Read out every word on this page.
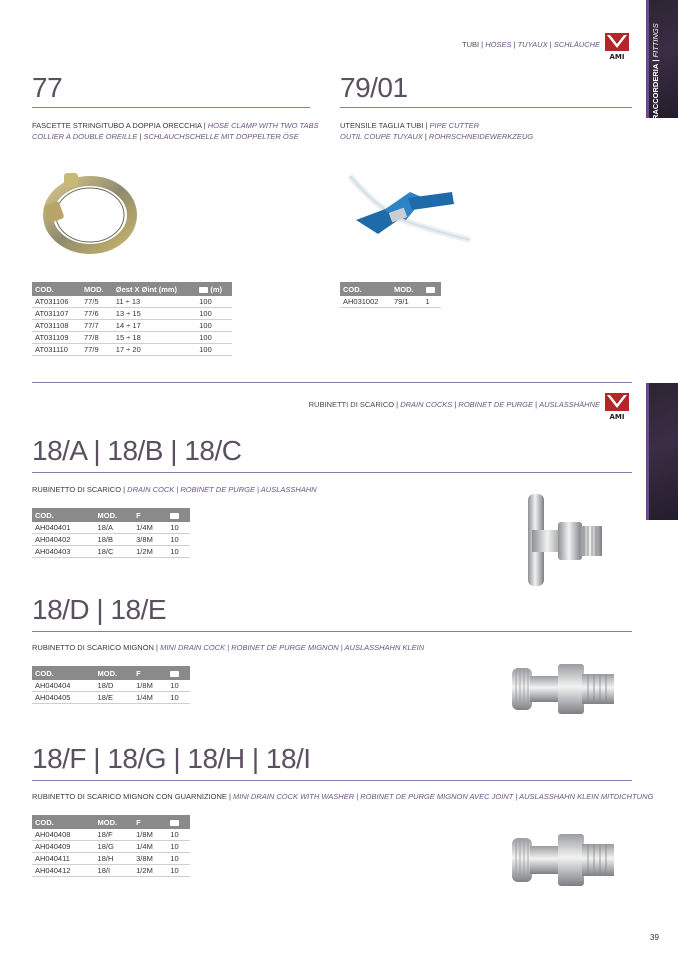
RACCORDERIA | FITTINGS
TUBI | HOSES | TUYAUX | SCHLÄUCHE
AMI
77
FASCETTE STRINGITUBO A DOPPIA ORECCHIA | HOSE CLAMP WITH TWO TABS
COLLIER A DOUBLE OREILLE | SCHLAUCHSCHELLE MIT DOPPELTER ÖSE
COD.	MOD.	Øest X Øint (mm)	(m)
AT031106	77/5	11 ÷ 13	100
AT031107	77/6	13 ÷ 15	100
AT031108	77/7	14 ÷ 17	100
AT031109	77/8	15 ÷ 18	100
AT031110	77/9	17 ÷ 20	100
79/01
UTENSILE TAGLIA TUBI | PIPE CUTTER
OUTIL COUPE TUYAUX | ROHRSCHNEIDEWERKZEUG
COD.	MOD.	
AH031002	79/1	1
RUBINETTI DI SCARICO | DRAIN COCKS | ROBINET DE PURGE | AUSLASSHÄHNE
AMI
18/A | 18/B | 18/C
RUBINETTO DI SCARICO | DRAIN COCK | ROBINET DE PURGE | AUSLASSHAHN
COD.	MOD.	F	
AH040401	18/A	1/4M	10
AH040402	18/B	3/8M	10
AH040403	18/C	1/2M	10
18/D | 18/E
RUBINETTO DI SCARICO MIGNON | MINI DRAIN COCK | ROBINET DE PURGE MIGNON | AUSLASSHAHN KLEIN
COD.	MOD.	F	
AH040404	18/D	1/8M	10
AH040405	18/E	1/4M	10
18/F | 18/G | 18/H | 18/I
RUBINETTO DI SCARICO MIGNON CON GUARNIZIONE | MINI DRAIN COCK WITH WASHER | ROBINET DE PURGE MIGNON AVEC JOINT | AUSLASSHAHN KLEIN MITDICHTUNG
COD.	MOD.	F	
AH040408	18/F	1/8M	10
AH040409	18/G	1/4M	10
AH040411	18/H	3/8M	10
AH040412	18/I	1/2M	10
39
